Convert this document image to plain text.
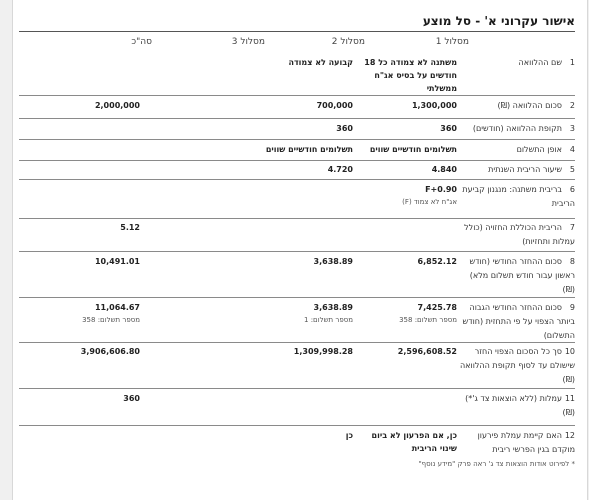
אישור עקרוני א' - סל מוצע
מסלול 1
מסלול 2
מסלול 3
סה"כ
1שם ההלוואה
משתנה לא צמודה כל 18 חודשים על בסיס אג"ח ממשלתי
קבועה לא צמודה
2סכום ההלוואה (₪)
1,300,000
700,000
2,000,000
3תקופת ההלוואה (חודשים)
360
360
4אופן התשלום
תשלומים חודשיים שווים
תשלומים חודשיים שווים
5שיעור הריבית השנתית
4.840
4.720
6בריבית משתנה: מנגנון קביעת הריבית
F+0.90
אג"ח לא צמוד (F)
7הריבית הכוללת החזויה (כולל עמלות ותחזיות)
5.12
8סכום ההחזר החודשי (חודש ראשון עבור חודש תשלום מלא) (₪)
6,852.12
3,638.89
10,491.01
9סכום ההחזר החודשי הגבוה ביותר הצפוי על פי התחזית (חודש התשלום)
7,425.78
מספר תשלום: 358
3,638.89
מספר תשלום: 1
11,064.67
מספר תשלום: 358
10סך כל הסכום הצפוי החזר שישולם עד לסוף תקופת ההלוואה (₪)
2,596,608.52
1,309,998.28
3,906,606.80
11עמלות (ללא הוצאות צד ג'*) (₪)
360
12האם קיימת עמלת פירעון מוקדם בגין הפרשי ריבית
כן, אם הפרעון לא ביום שינוי הריבית
כן
* לפירוט אודות הוצאות צד ג' ראה פרק "מידע נוסף"
